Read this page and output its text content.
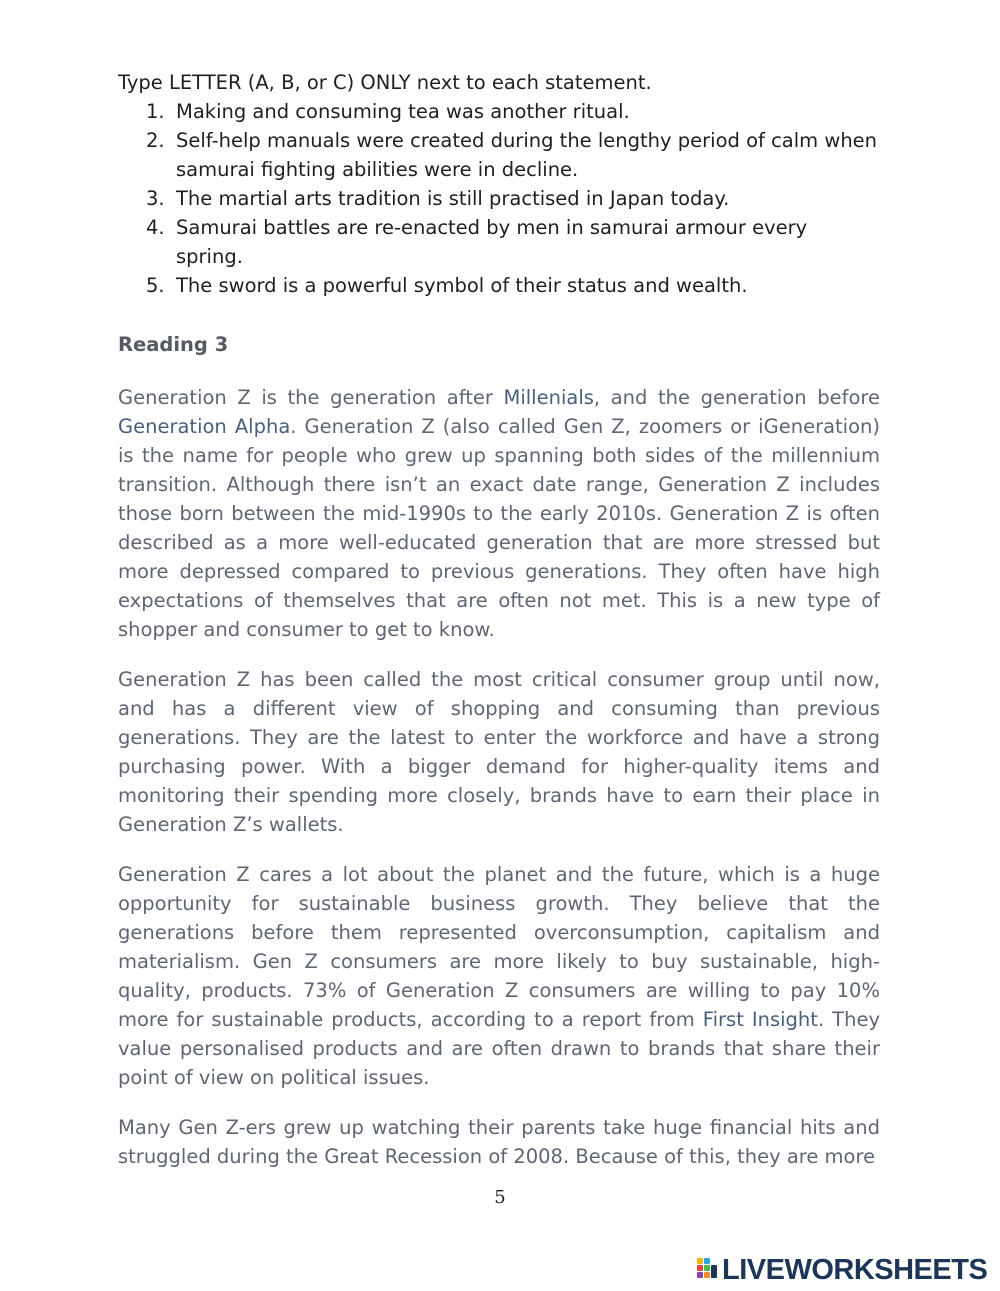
Type LETTER (A, B, or C) ONLY next to each statement.

1. Making and consuming tea was another ritual.
2. Self-help manuals were created during the lengthy period of calm when samurai fighting abilities were in decline.
3. The martial arts tradition is still practised in Japan today.
4. Samurai battles are re-enacted by men in samurai armour every spring.
5. The sword is a powerful symbol of their status and wealth.
Reading 3

Generation Z is the generation after Millenials, and the generation before Generation Alpha. Generation Z (also called Gen Z, zoomers or iGeneration) is the name for people who grew up spanning both sides of the millennium transition. Although there isn’t an exact date range, Generation Z includes those born between the mid-1990s to the early 2010s. Generation Z is often described as a more well-educated generation that are more stressed but more depressed compared to previous generations. They often have high expectations of themselves that are often not met. This is a new type of shopper and consumer to get to know.

Generation Z has been called the most critical consumer group until now, and has a different view of shopping and consuming than previous generations. They are the latest to enter the workforce and have a strong purchasing power. With a bigger demand for higher-quality items and monitoring their spending more closely, brands have to earn their place in Generation Z’s wallets.

Generation Z cares a lot about the planet and the future, which is a huge opportunity for sustainable business growth. They believe that the generations before them represented overconsumption, capitalism and materialism. Gen Z consumers are more likely to buy sustainable, high-quality, products. 73% of Generation Z consumers are willing to pay 10% more for sustainable products, according to a report from First Insight. They value personalised products and are often drawn to brands that share their point of view on political issues.

Many Gen Z-ers grew up watching their parents take huge financial hits and struggled during the Great Recession of 2008. Because of this, they are more

5
LIVEWORKSHEETS
